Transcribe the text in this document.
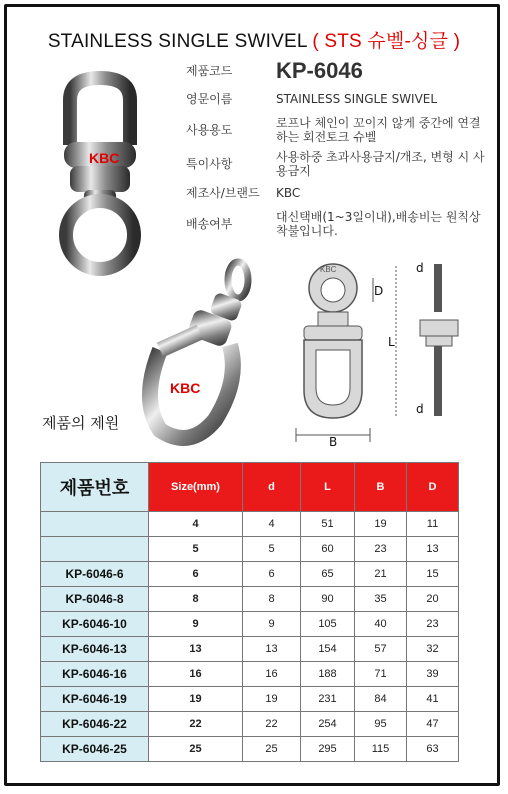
STAINLESS SINGLE SWIVEL ( STS 슈벨-싱글 )
KBC
제품코드	KP-6046
영문이름	STAINLESS SINGLE SWIVEL
사용용도	로프나 체인이 꼬이지 않게 중간에 연결하는 회전토크 슈벨
특이사항	사용하중 초과사용금지/개조, 변형 시 사용금지
제조사/브랜드	KBC
배송여부	대신택배(1~3일이내),배송비는 원칙상 착불입니다.
KBC
제품의 제원
KBC
B
D
L
d
d
제품번호	Size(mm)	d	L	B	D
	4	4	51	19	11
	5	5	60	23	13
KP-6046-6	6	6	65	21	15
KP-6046-8	8	8	90	35	20
KP-6046-10	9	9	105	40	23
KP-6046-13	13	13	154	57	32
KP-6046-16	16	16	188	71	39
KP-6046-19	19	19	231	84	41
KP-6046-22	22	22	254	95	47
KP-6046-25	25	25	295	115	63
